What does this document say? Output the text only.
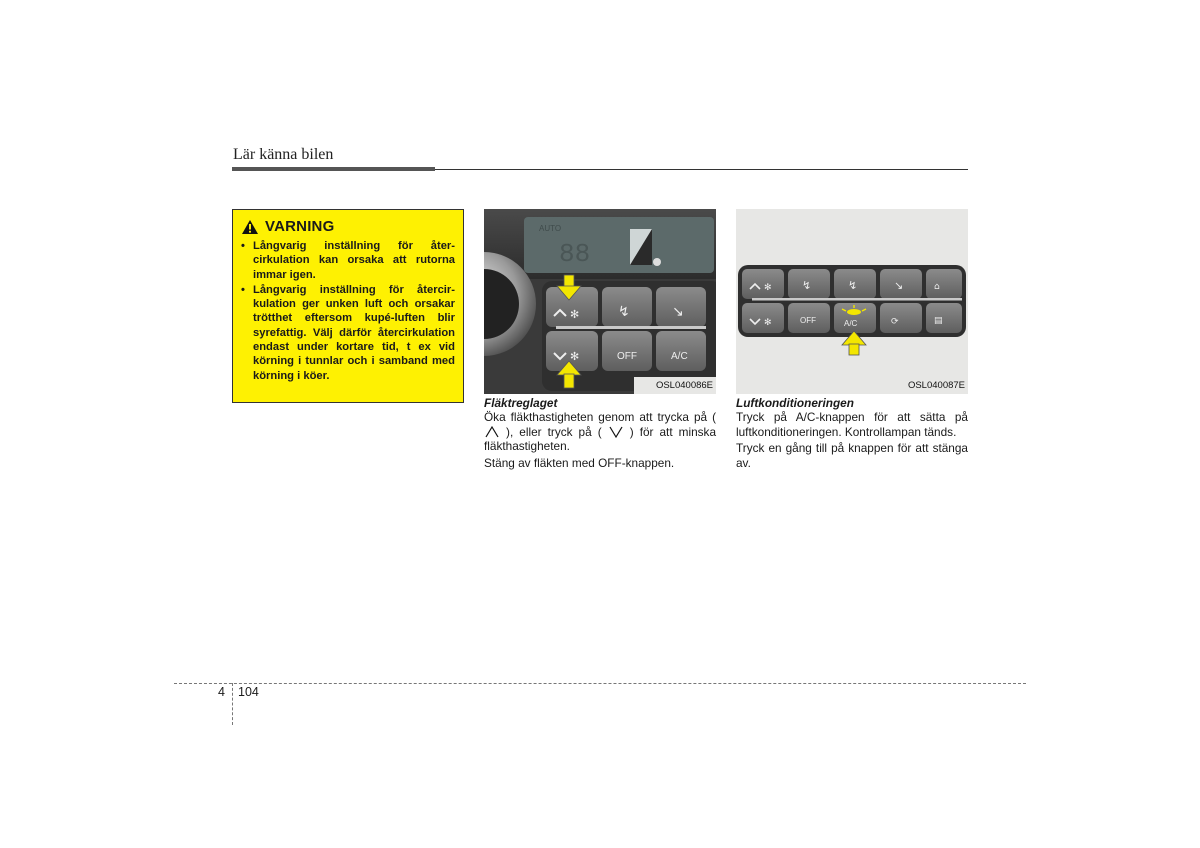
Lär känna bilen
VARNING
• Långvarig inställning för åter-cirkulation kan orsaka att rutorna immar igen.
• Långvarig inställning för återcir-kulation ger unken luft och orsakar trötthet eftersom kupé-luften blir syrefattig. Välj därför återcirkulation endast under kortare tid, t ex vid körning i tunnlar och i samband med körning i köer.
AUTO
88
✻
✻
↯	↘
OFF	A/C
OSL040086E
✻
✻
↯	↯	↘	⌂
OFF	A/C	⟳	▤
OSL040087E
Fläktreglaget

Öka fläkthastigheten genom att trycka på (  ), eller tryck på ( ) för att minska fläkthastigheten.

Stäng av fläkten med OFF-knappen.

Luftkonditioneringen

Tryck på A/C-knappen för att sätta på luftkonditioneringen. Kontrollampan tänds.

Tryck en gång till på knappen för att stänga av.

4 104
